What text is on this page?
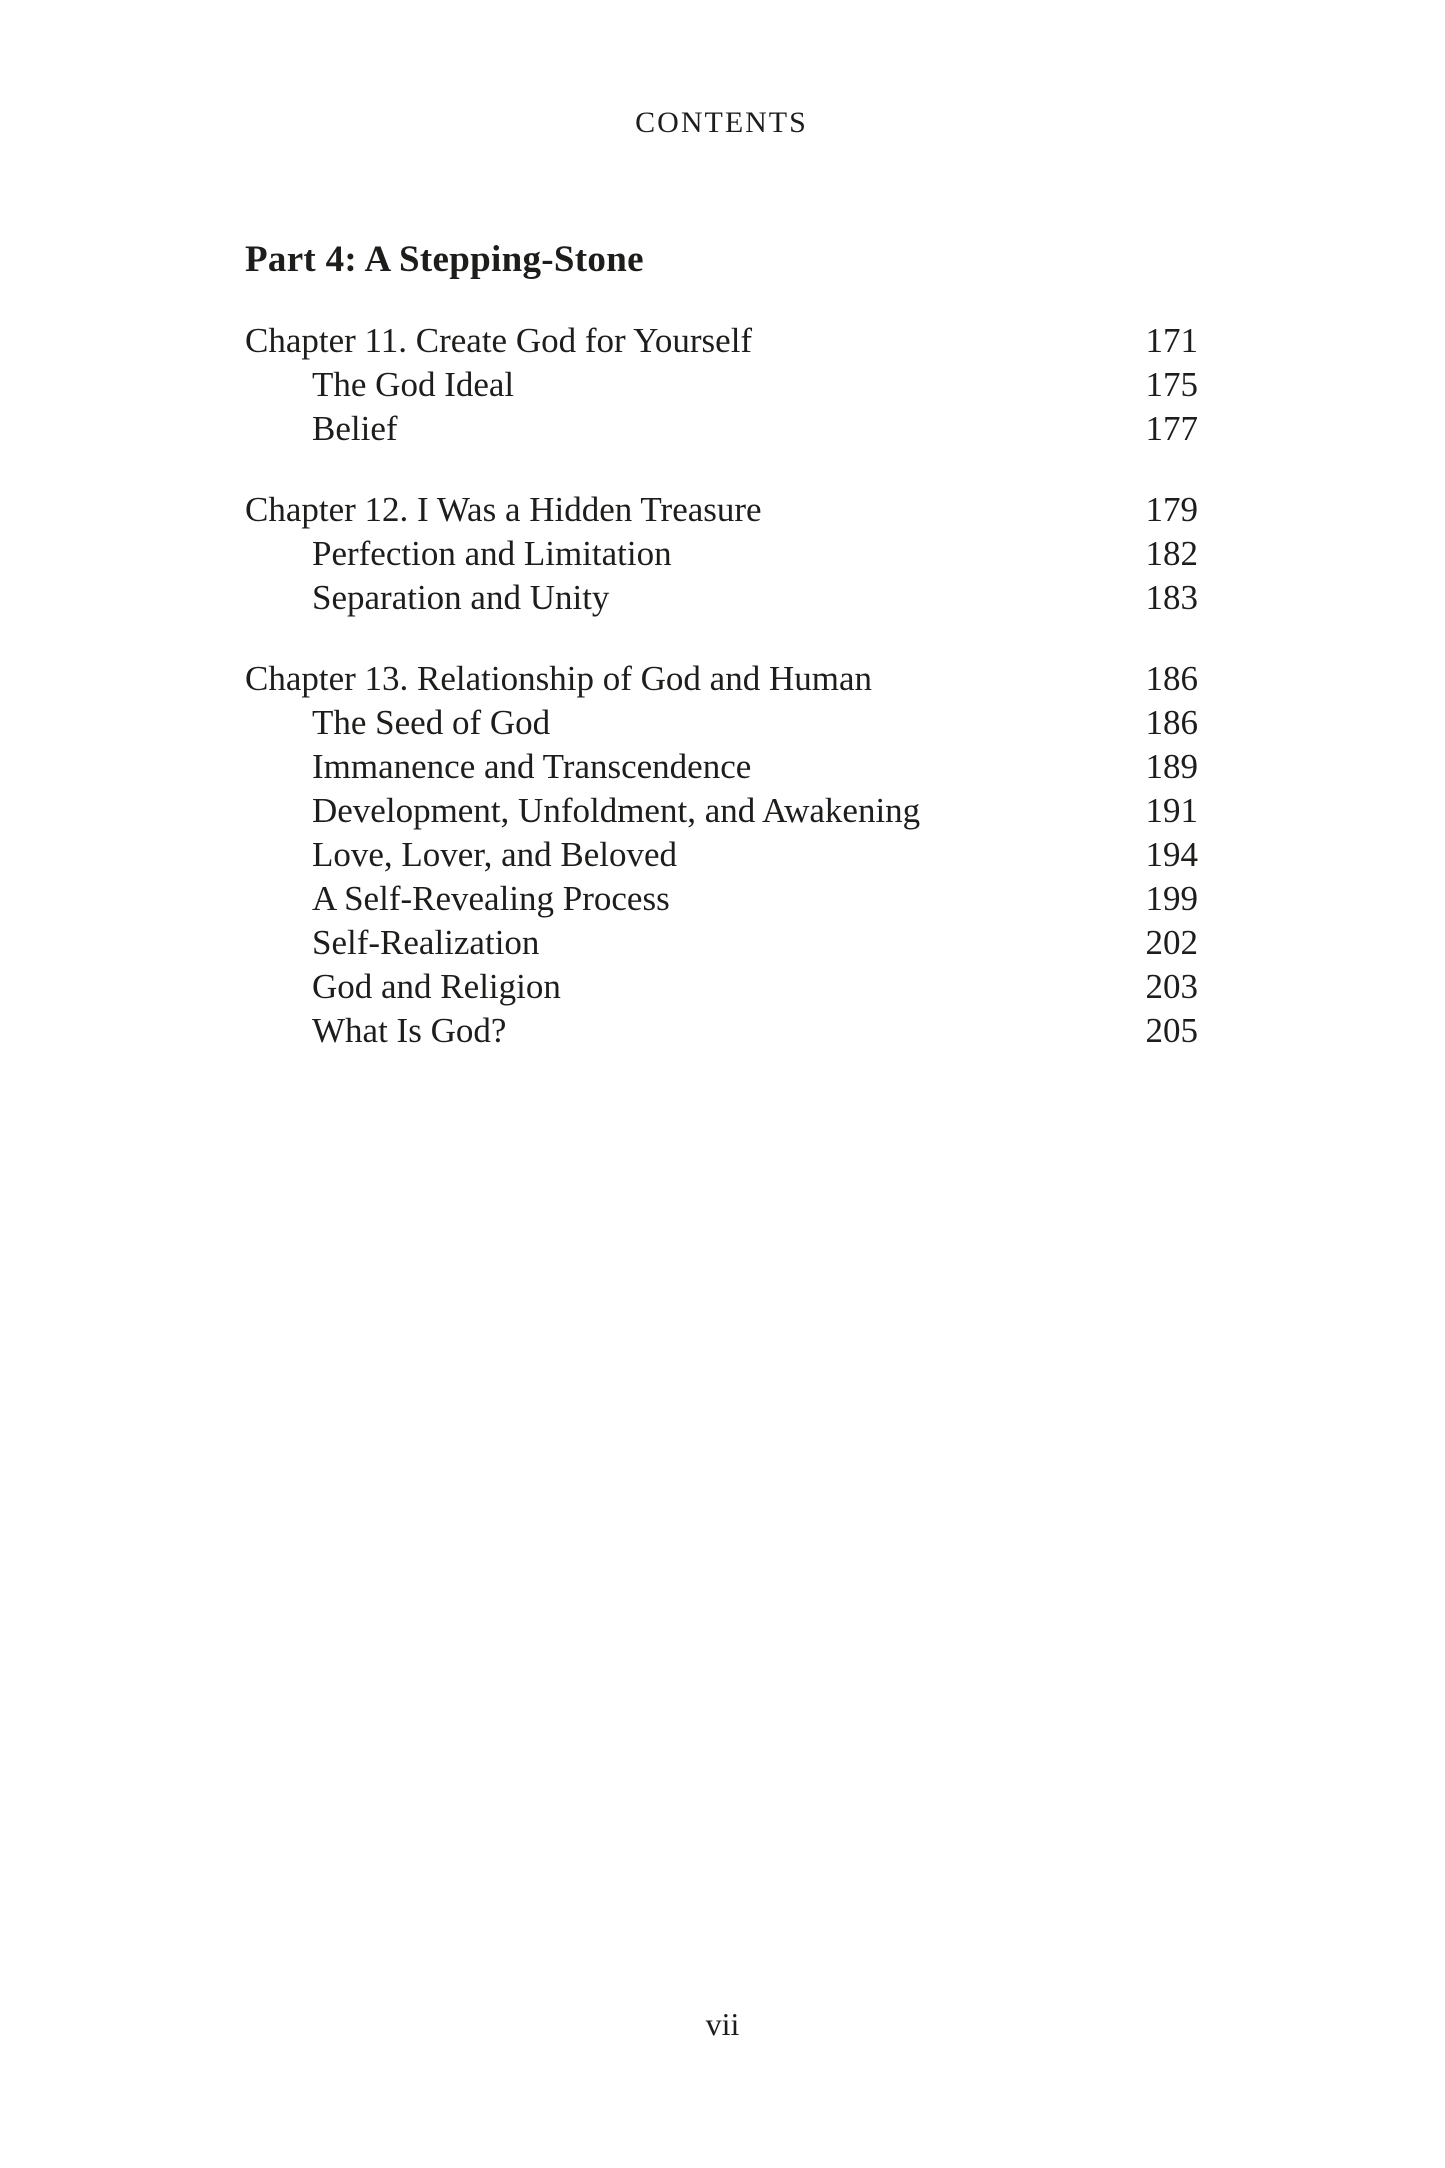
CONTENTS
Part 4: A Stepping-Stone
Chapter 11. Create God for Yourself	171
The God Ideal	175
Belief	177
Chapter 12. I Was a Hidden Treasure	179
Perfection and Limitation	182
Separation and Unity	183
Chapter 13. Relationship of God and Human	186
The Seed of God	186
Immanence and Transcendence	189
Development, Unfoldment, and Awakening	191
Love, Lover, and Beloved	194
A Self-Revealing Process	199
Self-Realization	202
God and Religion	203
What Is God?	205
vii
